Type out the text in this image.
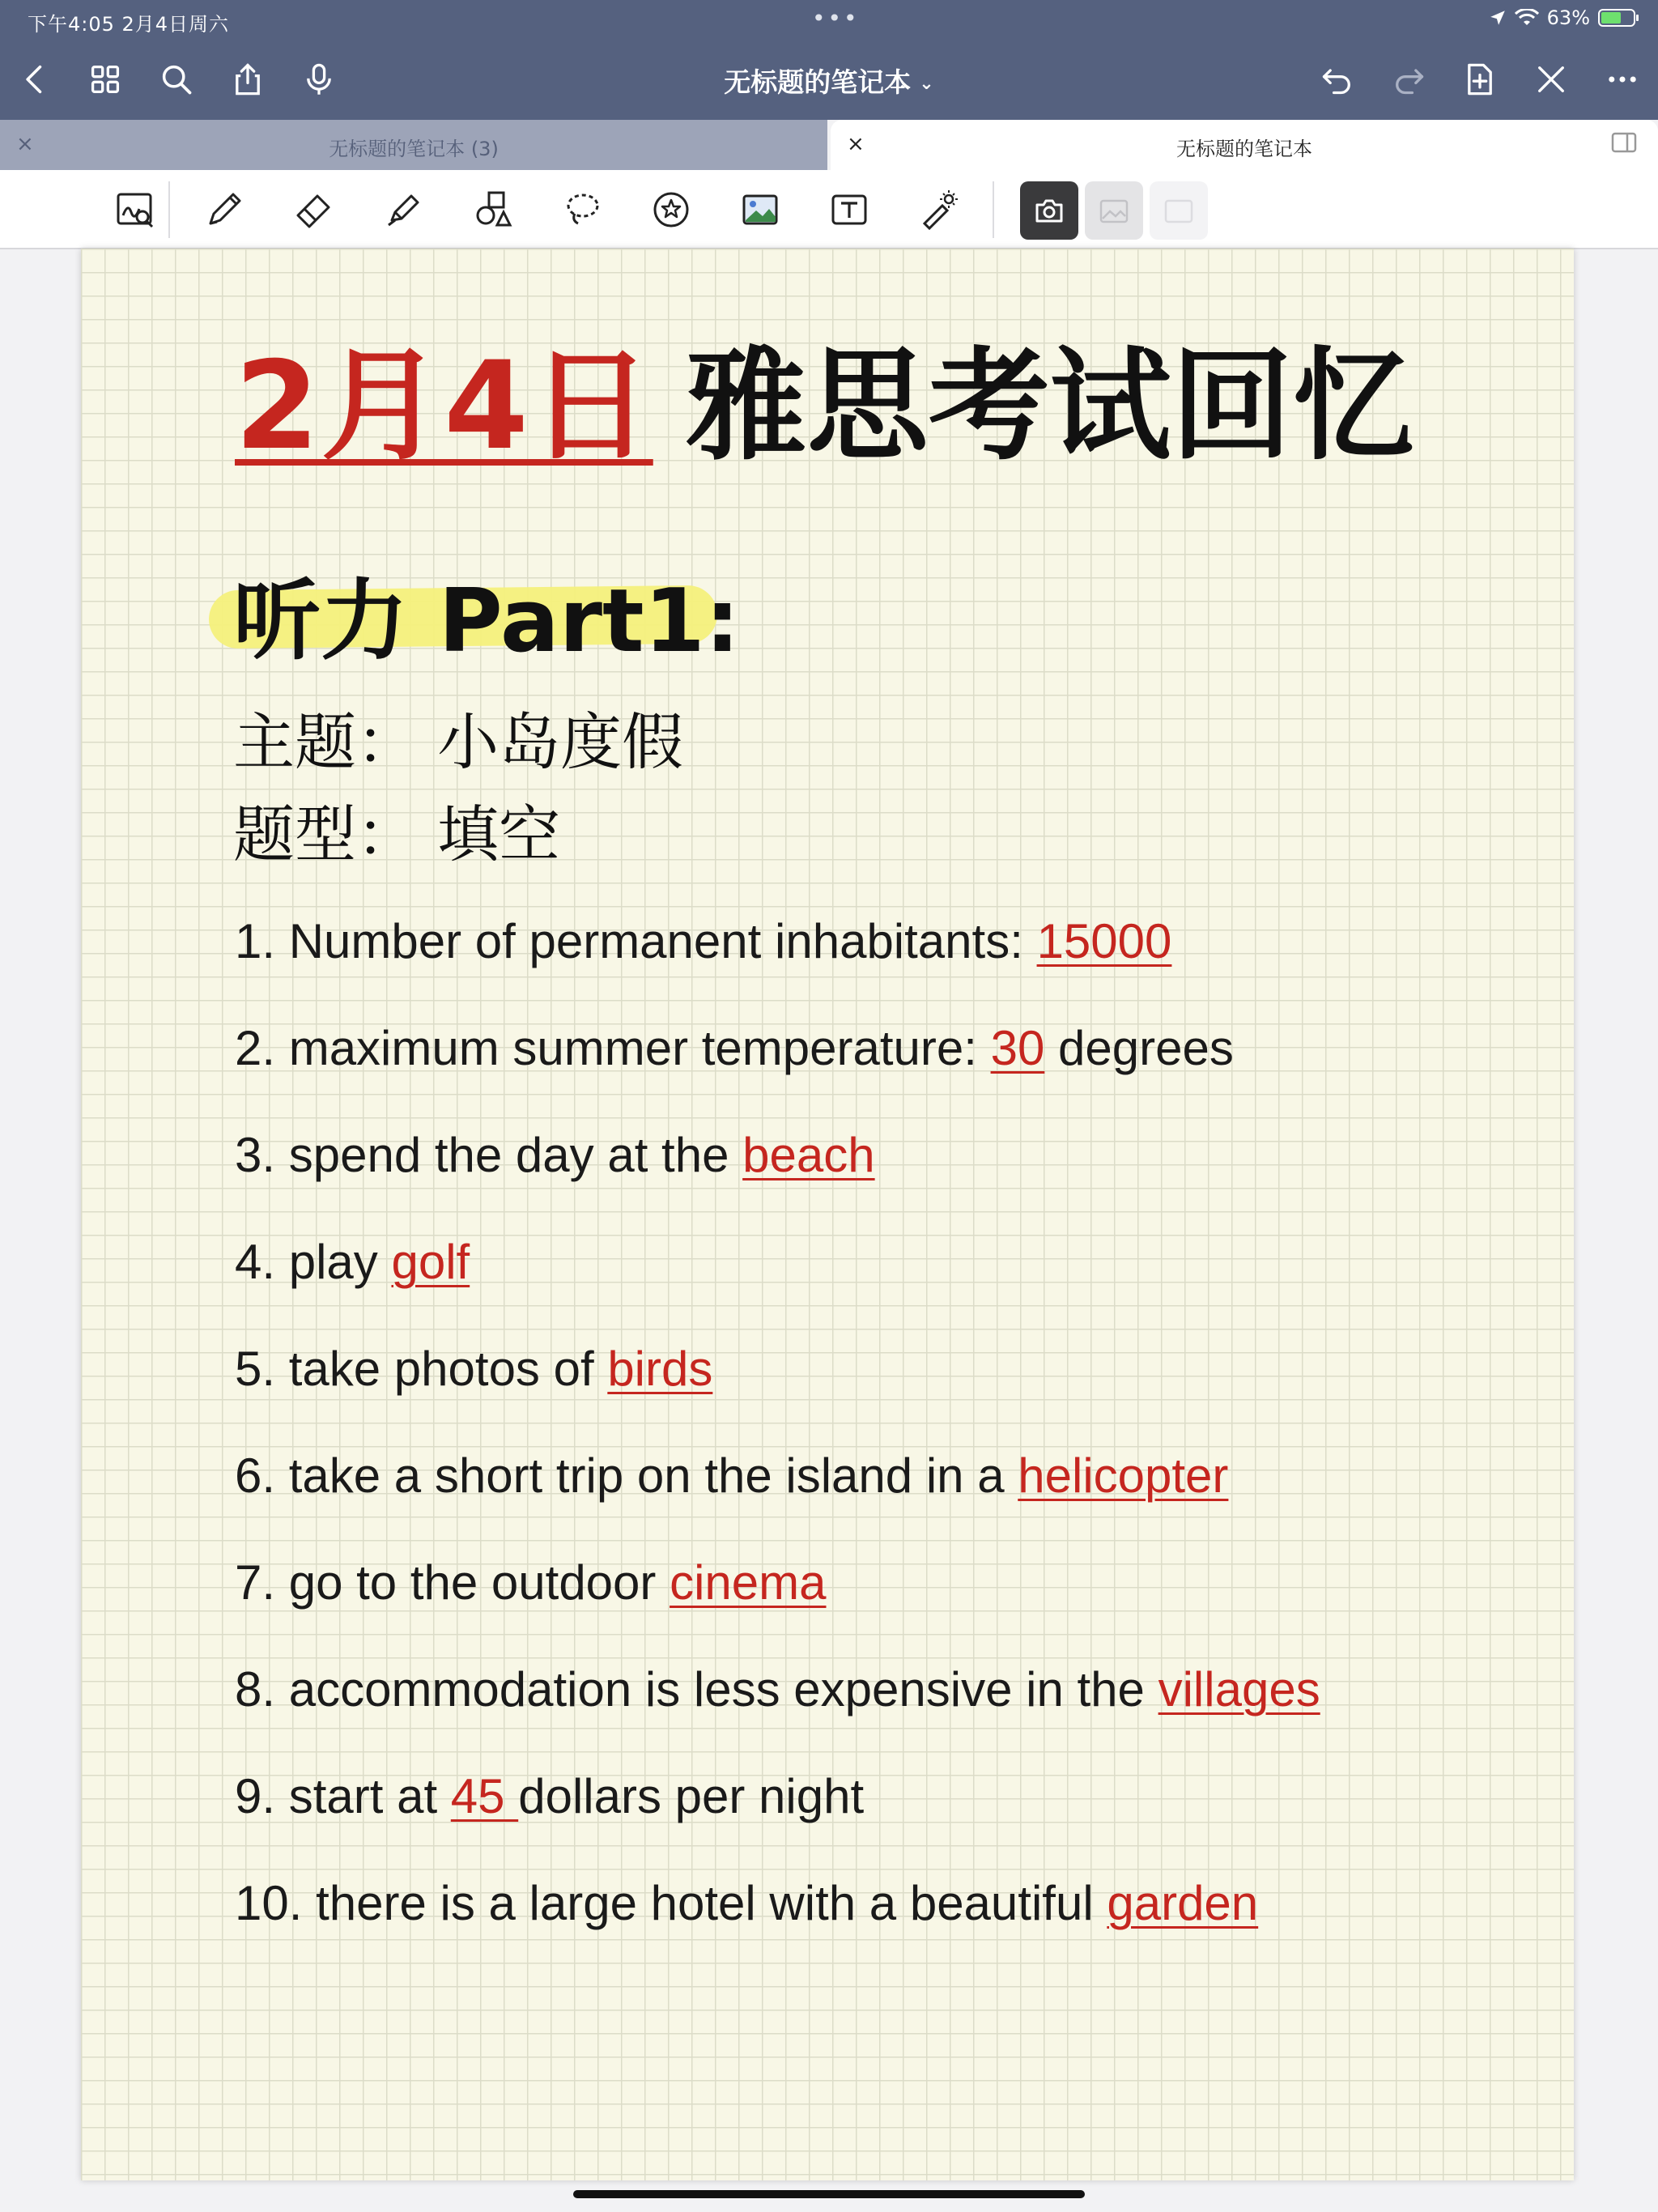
下午4:05 2月4日周六	•••	63%
无标题的笔记本 ⌄
×	无标题的笔记本 (3)	×	无标题的笔记本
2月4日 雅思考试回忆
听力 Part1:
主题： 小岛度假
题型： 填空
1. Number of permanent inhabitants: 15000
2. maximum summer temperature: 30 degrees
3. spend the day at the beach
4. play golf
5. take photos of birds
6. take a short trip on the island in a helicopter
7. go to the outdoor cinema
8. accommodation is less expensive in the villages
9. start at 45 dollars per night
10. there is a large hotel with a beautiful garden
